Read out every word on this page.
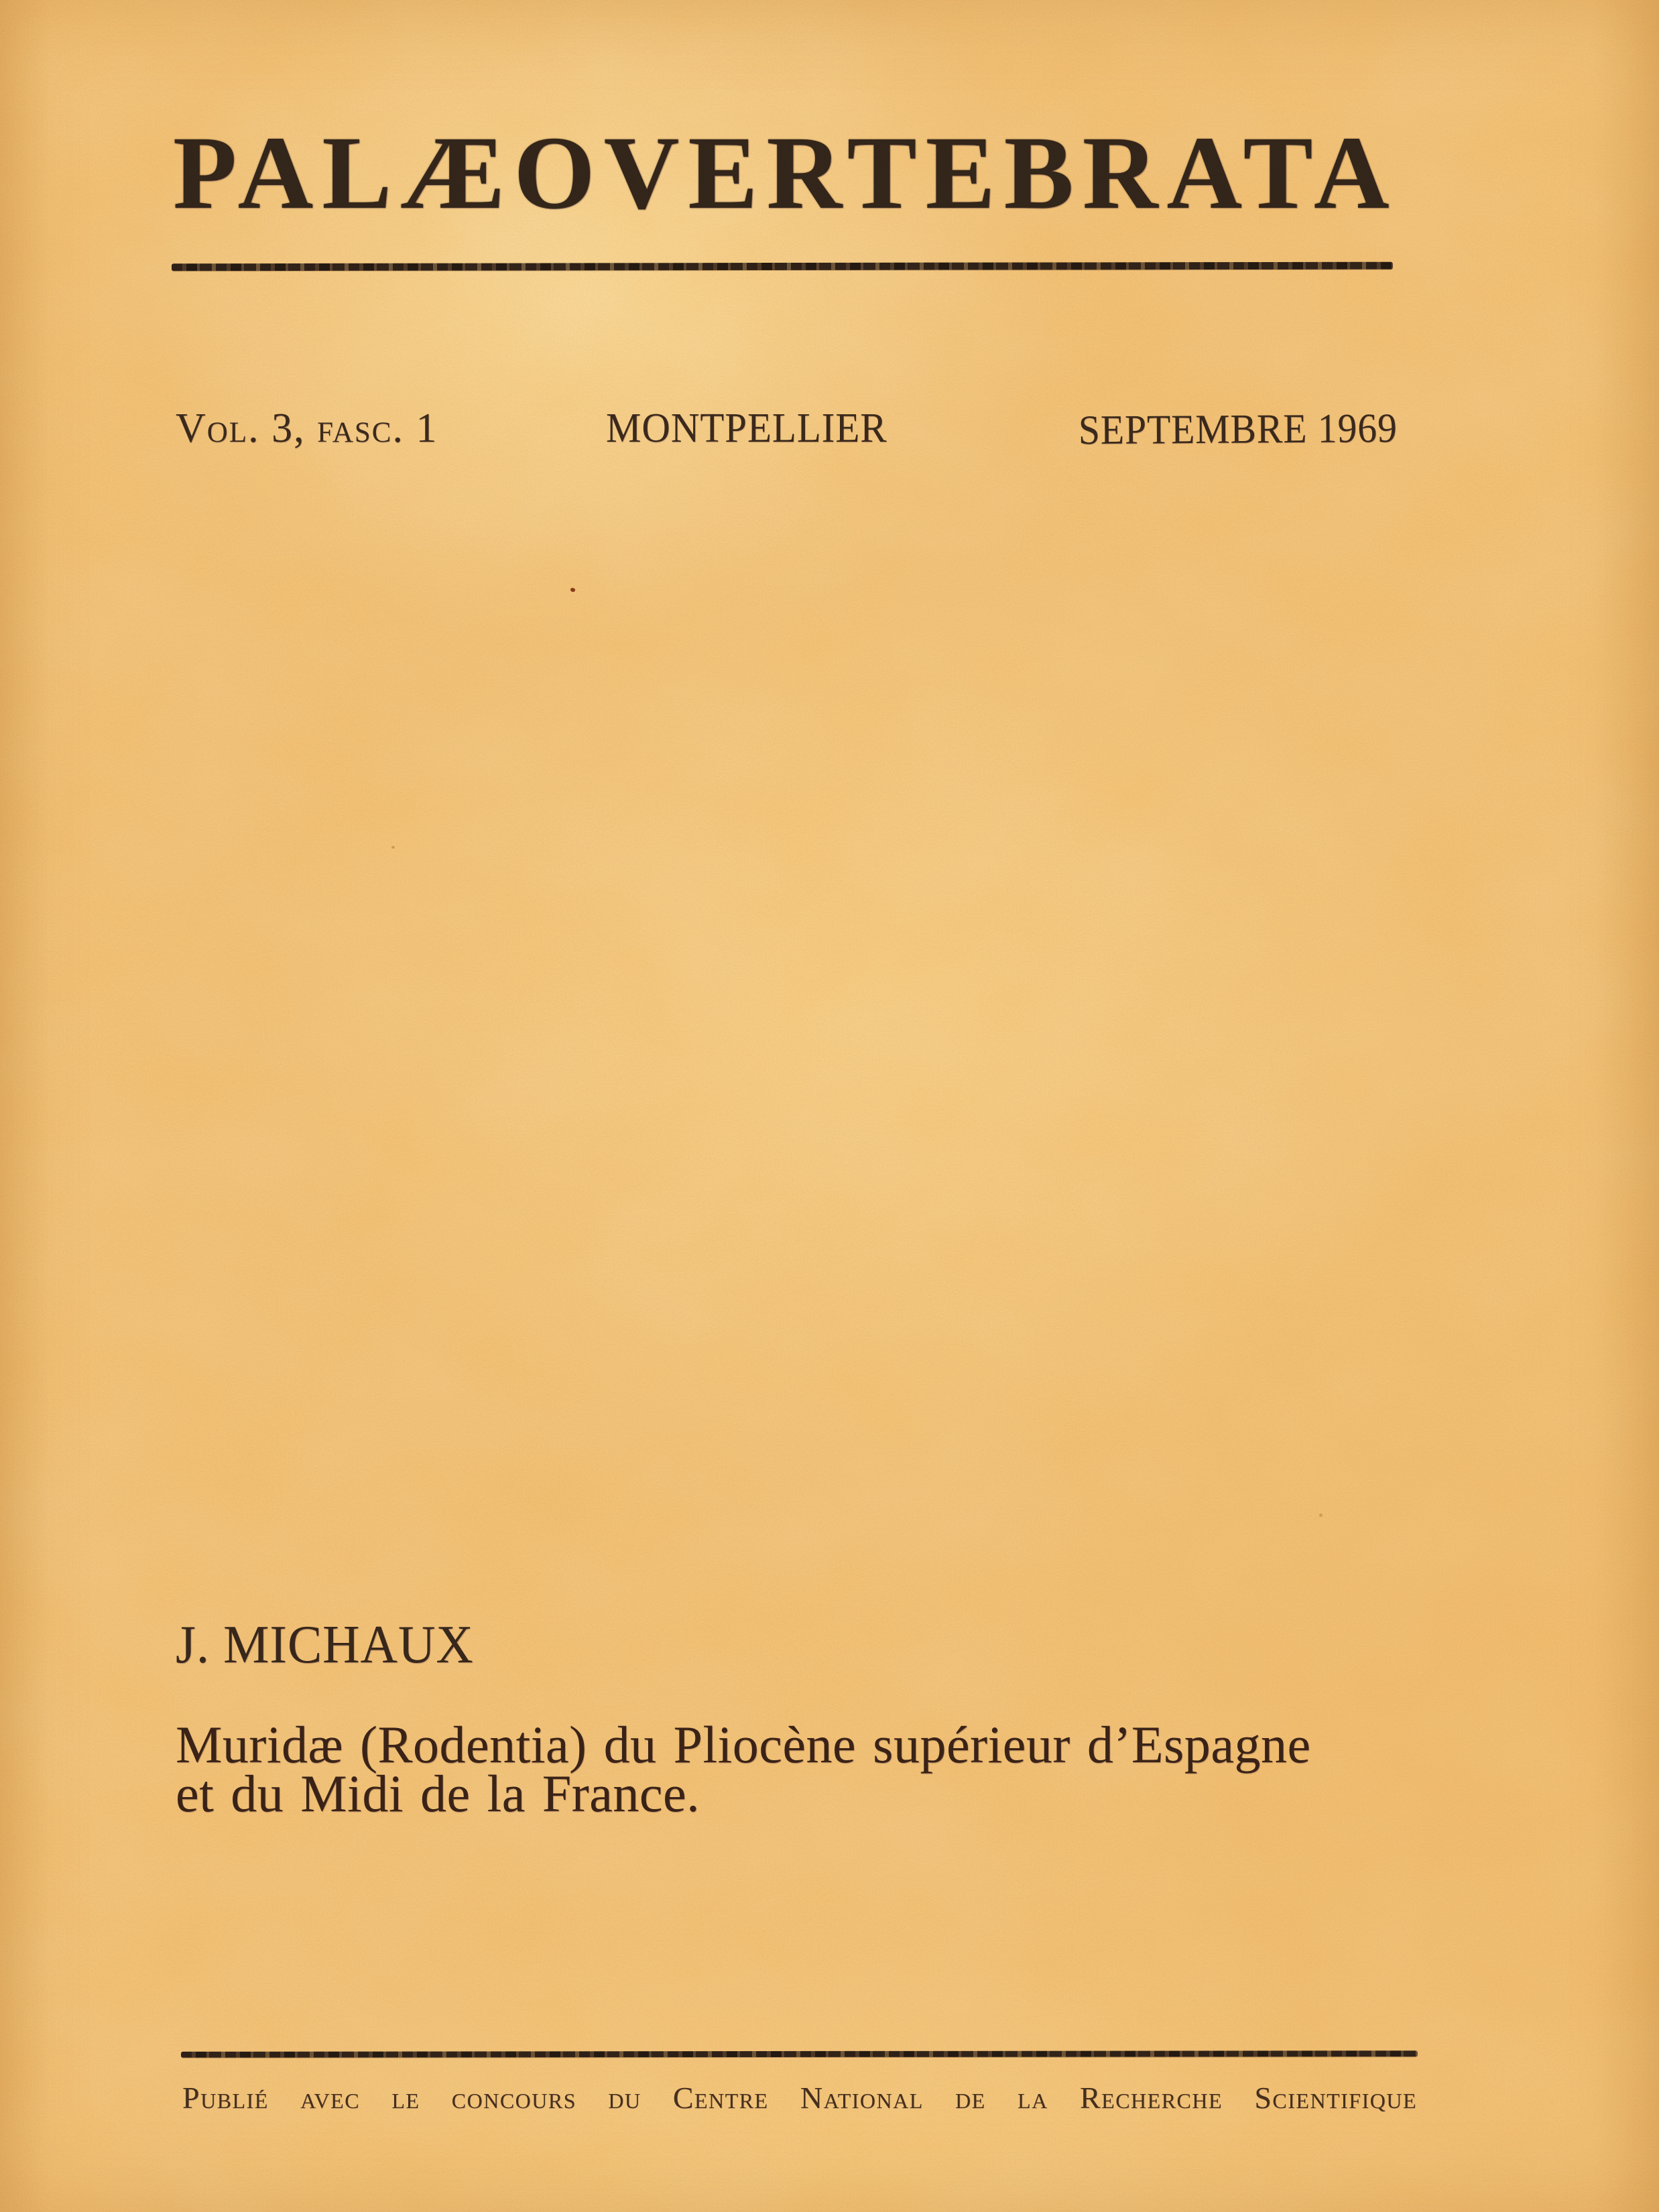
PALÆOVERTEBRATA
Vol. 3, fasc. 1	MONTPELLIER	SEPTEMBRE 1969
J. MICHAUX

Muridæ (Rodentia) du Pliocène supérieur d’Espagne
et du Midi de la France.

Publié avec le concours du Centre National de la Recherche Scientifique
